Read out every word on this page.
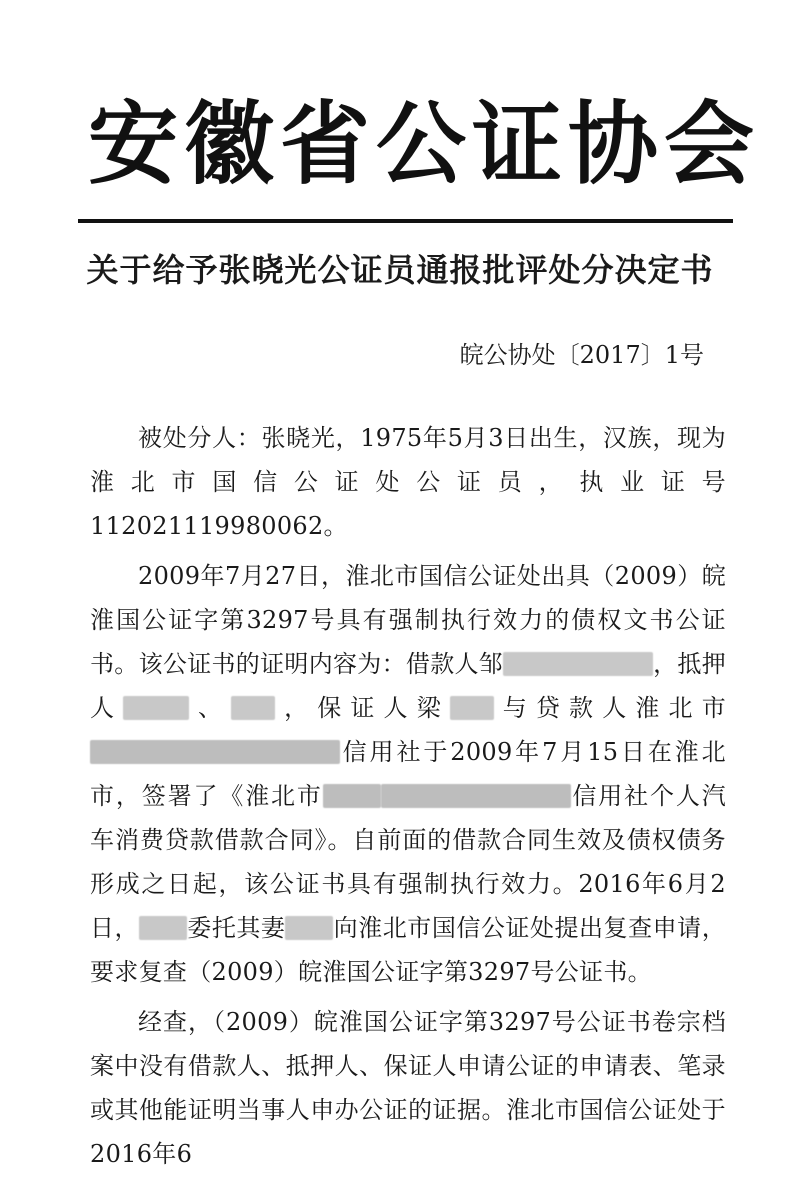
安徽省公证协会
关于给予张晓光公证员通报批评处分决定书
皖公协处〔2017〕1号

被处分人：张晓光，1975年5月3日出生，汉族，现为淮北市国信公证处公证员，执业证号112021119980062。

2009年7月27日，淮北市国信公证处出具（2009）皖淮国公证字第3297号具有强制执行效力的债权文书公证书。该公证书的证明内容为：借款人邹	，抵押人	、 ，保证人梁 与贷款人淮北市信用社于2009年7月15日在淮北市，签署了《淮北市	信用社个人汽车消费贷款借款合同》。自前面的借款合同生效及债权债务形成之日起，该公证书具有强制执行效力。2016年6月2日， 委托其妻 向淮北市国信公证处提出复查申请，要求复查（2009）皖淮国公证字第3297号公证书。

经查，（2009）皖淮国公证字第3297号公证书卷宗档案中没有借款人、抵押人、保证人申请公证的申请表、笔录或其他能证明当事人申办公证的证据。淮北市国信公证处于2016年6
